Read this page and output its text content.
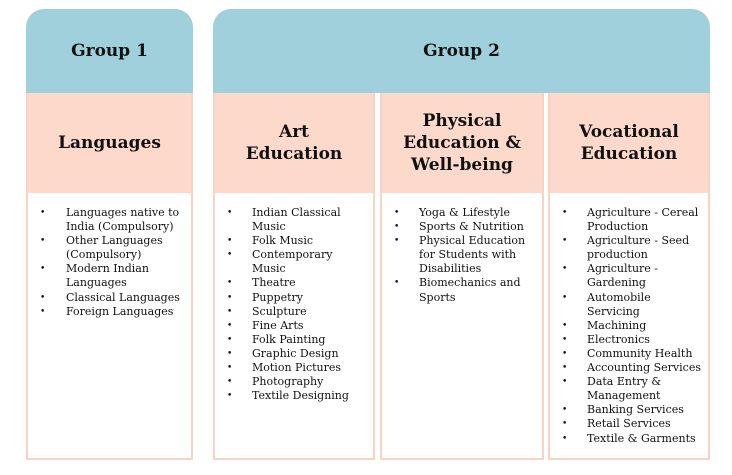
Group 1	Group 2
Languages
• Languages native to India (Compulsory)
• Other Languages (Compulsory)
• Modern Indian Languages
• Classical Languages
• Foreign Languages
Art Education
• Indian Classical Music
• Folk Music
• Contemporary Music
• Theatre
• Puppetry
• Sculpture
• Fine Arts
• Folk Painting
• Graphic Design
• Motion Pictures
• Photography
• Textile Designing
Physical Education & Well-being
• Yoga & Lifestyle
• Sports & Nutrition
• Physical Education for Students with Disabilities
• Biomechanics and Sports
Vocational Education
• Agriculture - Cereal Production
• Agriculture - Seed production
• Agriculture - Gardening
• Automobile Servicing
• Machining
• Electronics
• Community Health
• Accounting Services
• Data Entry & Management
• Banking Services
• Retail Services
• Textile & Garments
